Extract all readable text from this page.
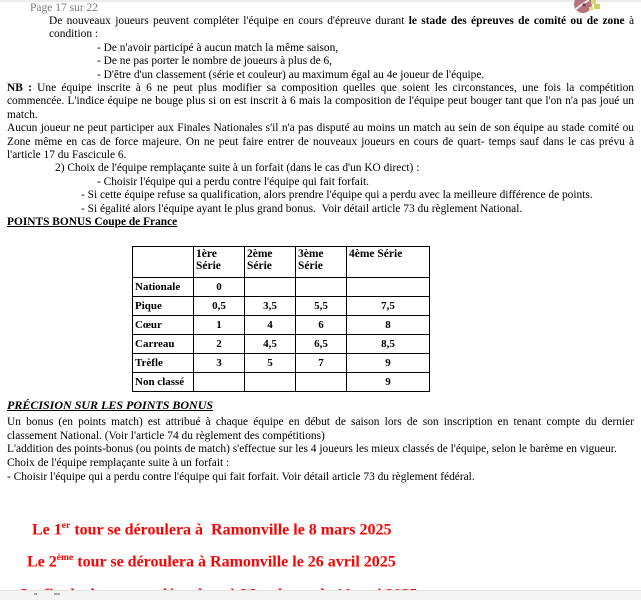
Page 17 sur 22
De nouveaux joueurs peuvent compléter l'équipe en cours d'épreuve durant le stade des épreuves de comité ou de zone à condition :
- De n'avoir participé à aucun match la même saison,
- De ne pas porter le nombre de joueurs à plus de 6,
- D'être d'un classement (série et couleur) au maximum égal au 4e joueur de l'équipe.
NB : Une équipe inscrite à 6 ne peut plus modifier sa composition quelles que soient les circonstances, une fois la compétition commencée. L'indice équipe ne bouge plus si on est inscrit à 6 mais la composition de l'équipe peut bouger tant que l'on n'a pas joué un match.
Aucun joueur ne peut participer aux Finales Nationales s'il n'a pas disputé au moins un match au sein de son équipe au stade comité ou Zone même en cas de force majeure. On ne peut faire entrer de nouveaux joueurs en cours de quart- temps sauf dans le cas prévu à l'article 17 du Fascicule 6.
2) Choix de l'équipe remplaçante suite à un forfait (dans le cas d'un KO direct) :
- Choisir l'équipe qui a perdu contre l'équipe qui fait forfait.
- Si cette équipe refuse sa qualification, alors prendre l'équipe qui a perdu avec la meilleure différence de points.
- Si égalité alors l'équipe ayant le plus grand bonus.  Voir détail article 73 du règlement National.
POINTS BONUS Coupe de France
	1ère Série	2ème Série	3ème Série	4ème Série
Nationale	0			
Pique	0,5	3,5	5,5	7,5
Cœur	1	4	6	8
Carreau	2	4,5	6,5	8,5
Trèfle	3	5	7	9
Non classé				9
PRÉCISION SUR LES POINTS BONUS
Un bonus (en points match) est attribué à chaque équipe en début de saison lors de son inscription en tenant compte du dernier classement National. (Voir l'article 74 du règlement des compétitions)
L'addition des points-bonus (ou points de match) s'effectue sur les 4 joueurs les mieux classés de l'équipe, selon le barème en vigueur.
Choix de l'équipe remplaçante suite à un forfait :
- Choisir l'équipe qui a perdu contre l'équipe qui fait forfait. Voir détail article 73 du règlement fédéral.
Le 1er tour se déroulera à  Ramonville le 8 mars 2025
Le 2ème tour se déroulera à Ramonville le 26 avril 2025
